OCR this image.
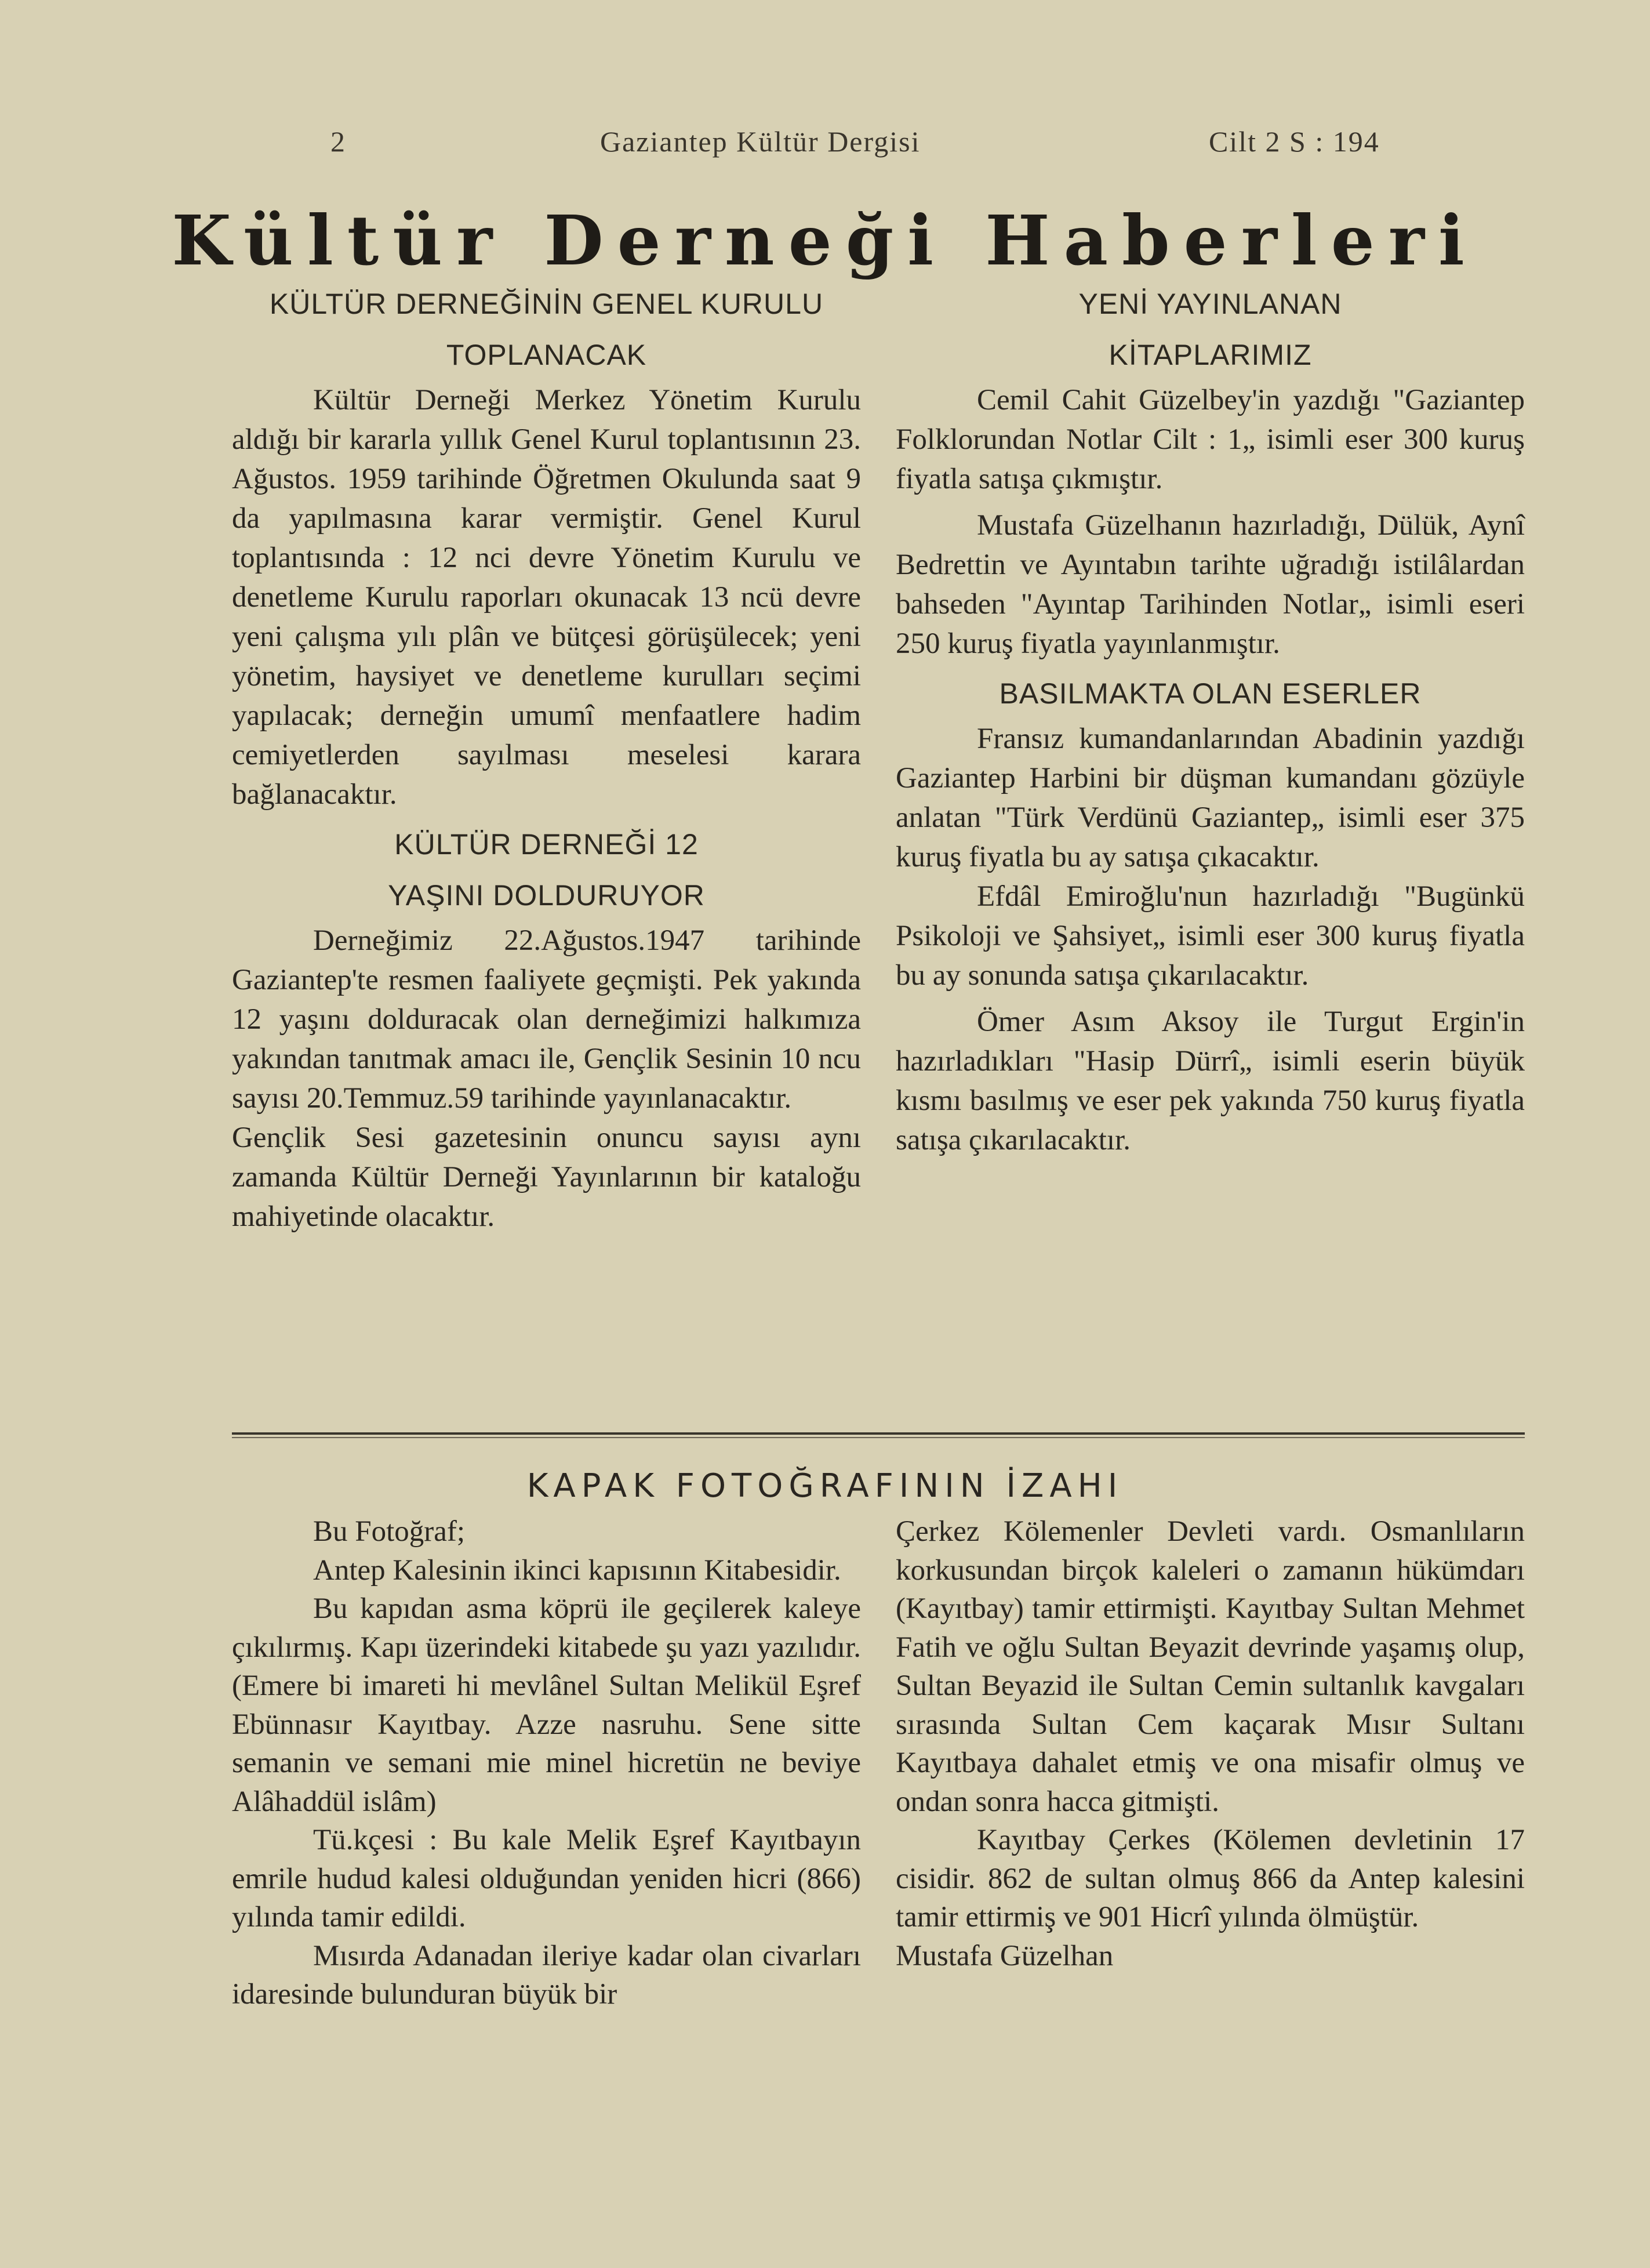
2	Gaziantep Kültür Dergisi	Cilt 2 S : 194
Kültür Derneği Haberleri
KÜLTÜR DERNEĞİNİN GENEL KURULU
TOPLANACAK

Kültür Derneği Merkez Yönetim Kurulu aldığı bir kararla yıllık Genel Kurul toplantısının 23. Ağustos. 1959 tarihinde Öğretmen Okulunda saat 9 da yapılmasına karar vermiştir. Genel Kurul toplantısında : 12 nci devre Yönetim Kurulu ve denetleme Kurulu raporları okunacak 13 ncü devre yeni çalışma yılı plân ve bütçesi görüşülecek; yeni yönetim, haysiyet ve denetleme kurulları seçimi yapılacak; derneğin umumî menfaatlere hadim cemiyetlerden sayılması meselesi karara bağlanacaktır.

KÜLTÜR DERNEĞİ 12
YAŞINI DOLDURUYOR

Derneğimiz 22.Ağustos.1947 tarihinde Gaziantep'te resmen faaliyete geçmişti. Pek yakında 12 yaşını dolduracak olan derneğimizi halkımıza yakından tanıtmak amacı ile, Gençlik Sesinin 10 ncu sayısı 20.Temmuz.59 tarihinde yayınlanacaktır.

Gençlik Sesi gazetesinin onuncu sayısı aynı zamanda Kültür Derneği Yayınlarının bir kataloğu mahiyetinde olacaktır.

YENİ YAYINLANAN
KİTAPLARIMIZ

Cemil Cahit Güzelbey'in yazdığı "Gaziantep Folklorundan Notlar Cilt : 1„ isimli eser 300 kuruş fiyatla satışa çıkmıştır.

Mustafa Güzelhanın hazırladığı, Dülük, Aynî Bedrettin ve Ayıntabın tarihte uğradığı istilâlardan bahseden "Ayıntap Tarihinden Notlar„ isimli eseri 250 kuruş fiyatla yayınlanmıştır.

BASILMAKTA OLAN ESERLER

Fransız kumandanlarından Abadinin yazdığı Gaziantep Harbini bir düşman kumandanı gözüyle anlatan "Türk Verdünü Gaziantep„ isimli eser 375 kuruş fiyatla bu ay satışa çıkacaktır.

Efdâl Emiroğlu'nun hazırladığı "Bugünkü Psikoloji ve Şahsiyet„ isimli eser 300 kuruş fiyatla bu ay sonunda satışa çıkarılacaktır.

Ömer Asım Aksoy ile Turgut Ergin'in hazırladıkları "Hasip Dürrî„ isimli eserin büyük kısmı basılmış ve eser pek yakında 750 kuruş fiyatla satışa çıkarılacaktır.

KAPAK FOTOĞRAFININ İZAHI

Bu Fotoğraf;

Antep Kalesinin ikinci kapısının Kitabesidir.

Bu kapıdan asma köprü ile geçilerek kaleye çıkılırmış. Kapı üzerindeki kitabede şu yazı yazılıdır. (Emere bi imareti hi mevlânel Sultan Melikül Eşref Ebünnasır Kayıtbay. Azze nasruhu. Sene sitte semanin ve semani mie minel hicretün ne beviye Alâhaddül islâm)

Tü.kçesi : Bu kale Melik Eşref Kayıtbayın emrile hudud kalesi olduğundan yeniden hicri (866) yılında tamir edildi.

Mısırda Adanadan ileriye kadar olan civarları idaresinde bulunduran büyük bir

Çerkez Kölemenler Devleti vardı. Osmanlıların korkusundan birçok kaleleri o zamanın hükümdarı (Kayıtbay) tamir ettirmişti. Kayıtbay Sultan Mehmet Fatih ve oğlu Sultan Beyazit devrinde yaşamış olup, Sultan Beyazid ile Sultan Cemin sultanlık kavgaları sırasında Sultan Cem kaçarak Mısır Sultanı Kayıtbaya dahalet etmiş ve ona misafir olmuş ve ondan sonra hacca gitmişti.

Kayıtbay Çerkes (Kölemen devletinin 17 cisidir. 862 de sultan olmuş 866 da Antep kalesini tamir ettirmiş ve 901 Hicrî yılında ölmüştür.

Mustafa Güzelhan
